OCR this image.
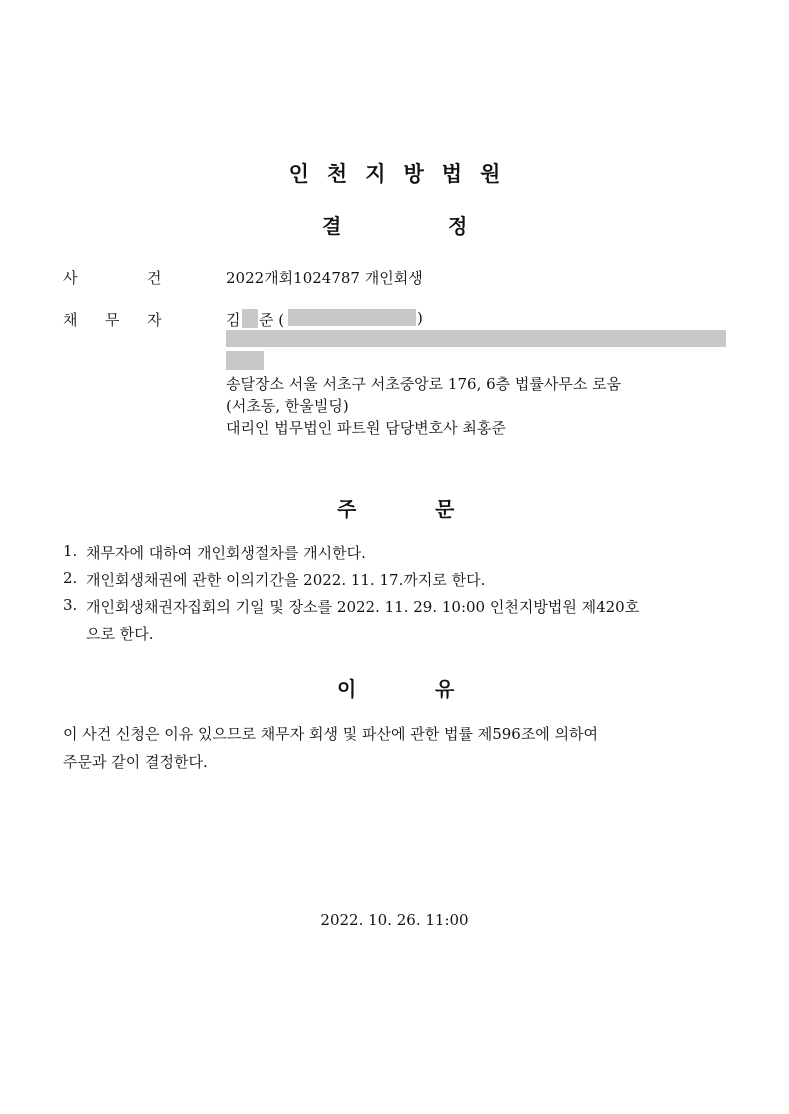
인천지방법원
결	정
사	건	2022개회1024787 개인회생
채 무 자	김 준 (	)
송달장소 서울 서초구 서초중앙로 176, 6층 법률사무소 로움
(서초동, 한울빌딩)
대리인 법무법인 파트원 담당변호사 최홍준
주	문
1. 채무자에 대하여 개인회생절차를 개시한다.
2. 개인회생채권에 관한 이의기간을 2022. 11. 17.까지로 한다.
3. 개인회생채권자집회의 기일 및 장소를 2022. 11. 29. 10:00 인천지방법원 제420호
으로 한다.
이	유
이 사건 신청은 이유 있으므로 채무자 회생 및 파산에 관한 법률 제596조에 의하여
주문과 같이 결정한다.
2022. 10. 26. 11:00
